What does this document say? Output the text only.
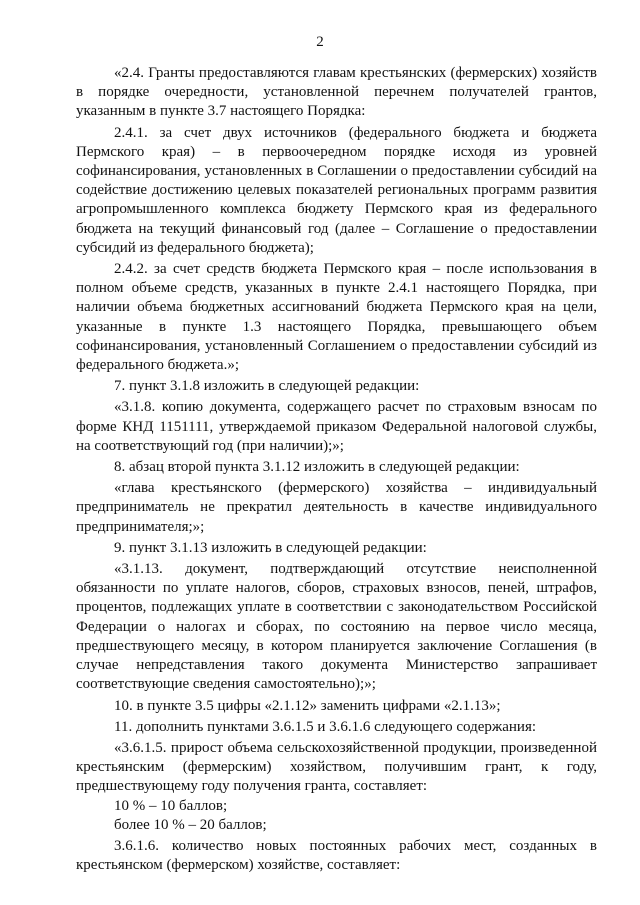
2

«2.4. Гранты предоставляются главам крестьянских (фермерских) хозяйств в порядке очередности, установленной перечнем получателей грантов, указанным в пункте 3.7 настоящего Порядка:

2.4.1. за счет двух источников (федерального бюджета и бюджета Пермского края) – в первоочередном порядке исходя из уровней софинансирования, установленных в Соглашении о предоставлении субсидий на содействие достижению целевых показателей региональных программ развития агропромышленного комплекса бюджету Пермского края из федерального бюджета на текущий финансовый год (далее – Соглашение о предоставлении субсидий из федерального бюджета);

2.4.2. за счет средств бюджета Пермского края – после использования в полном объеме средств, указанных в пункте 2.4.1 настоящего Порядка, при наличии объема бюджетных ассигнований бюджета Пермского края на цели, указанные в пункте 1.3 настоящего Порядка, превышающего объем софинансирования, установленный Соглашением о предоставлении субсидий из федерального бюджета.»;

7. пункт 3.1.8 изложить в следующей редакции:

«3.1.8. копию документа, содержащего расчет по страховым взносам по форме КНД 1151111, утверждаемой приказом Федеральной налоговой службы, на соответствующий год (при наличии);»;

8. абзац второй пункта 3.1.12 изложить в следующей редакции:

«глава крестьянского (фермерского) хозяйства – индивидуальный предприниматель не прекратил деятельность в качестве индивидуального предпринимателя;»;

9. пункт 3.1.13 изложить в следующей редакции:

«3.1.13. документ, подтверждающий отсутствие неисполненной обязанности по уплате налогов, сборов, страховых взносов, пеней, штрафов, процентов, подлежащих уплате в соответствии с законодательством Российской Федерации о налогах и сборах, по состоянию на первое число месяца, предшествующего месяцу, в котором планируется заключение Соглашения (в случае непредставления такого документа Министерство запрашивает соответствующие сведения самостоятельно);»;

10. в пункте 3.5 цифры «2.1.12» заменить цифрами «2.1.13»;

11. дополнить пунктами 3.6.1.5 и 3.6.1.6 следующего содержания:

«3.6.1.5. прирост объема сельскохозяйственной продукции, произведенной крестьянским (фермерским) хозяйством, получившим грант, к году, предшествующему году получения гранта, составляет:

10 % – 10 баллов;

более 10 % – 20 баллов;

3.6.1.6. количество новых постоянных рабочих мест, созданных в крестьянском (фермерском) хозяйстве, составляет:
